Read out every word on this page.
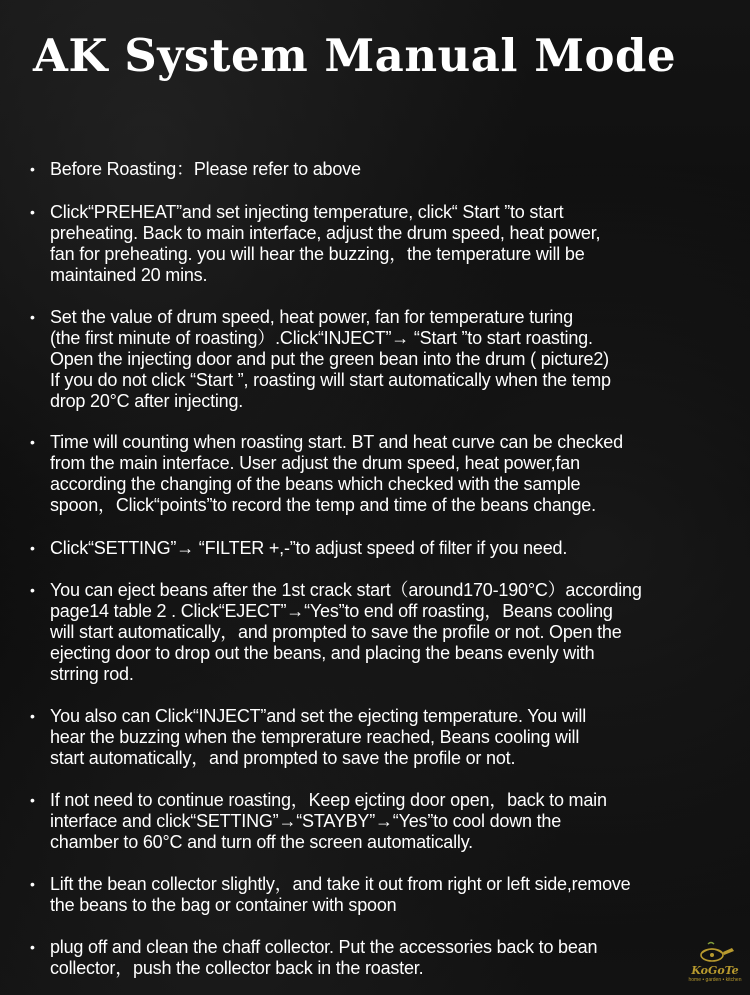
AK System Manual Mode
• Before Roasting：Please refer to above
• Click“PREHEAT”and set injecting temperature, click“ Start ”to start
preheating. Back to main interface, adjust the drum speed, heat power,
fan for preheating. you will hear the buzzing，the temperature will be
maintained 20 mins.
• Set the value of drum speed, heat power, fan for temperature turing
(the first minute of roasting）.Click“INJECT”→ “Start ”to start roasting.
Open the injecting door and put the green bean into the drum ( picture2)
If you do not click “Start ”, roasting will start automatically when the temp
drop 20°C after injecting.
• Time will counting when roasting start. BT and heat curve can be checked
from the main interface. User adjust the drum speed, heat power,fan
according the changing of the beans which checked with the sample
spoon，Click“points”to record the temp and time of the beans change.
• Click“SETTING”→ “FILTER +,-”to adjust speed of filter if you need.
• You can eject beans after the 1st crack start（around170-190°C）according
page14 table 2 . Click“EJECT”→“Yes”to end off roasting，Beans cooling
will start automatically，and prompted to save the profile or not. Open the
ejecting door to drop out the beans, and placing the beans evenly with
strring rod.
• You also can Click“INJECT”and set the ejecting temperature. You will
hear the buzzing when the temprerature reached, Beans cooling will
start automatically，and prompted to save the profile or not.
• If not need to continue roasting，Keep ejcting door open，back to main
interface and click“SETTING”→“STAYBY”→“Yes”to cool down the
chamber to 60°C and turn off the screen automatically.
• Lift the bean collector slightly，and take it out from right or left side,remove
the beans to the bag or container with spoon
• plug off and clean the chaff collector. Put the accessories back to bean
collector，push the collector back in the roaster.	KoGoTe
home • garden • kitchen
